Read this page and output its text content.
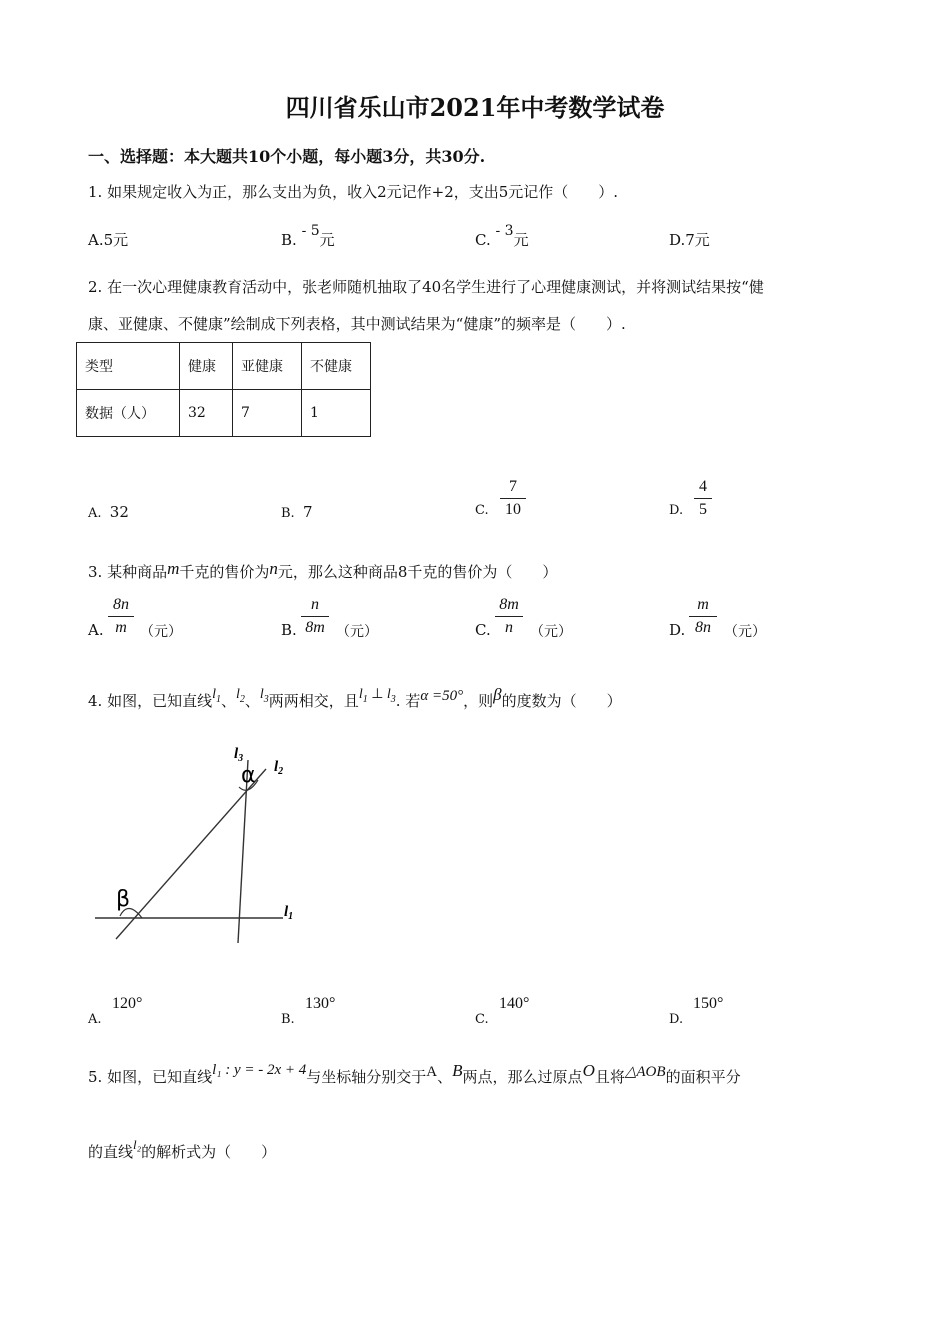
四川省乐山市2021年中考数学试卷
一、选择题：本大题共10个小题，每小题3分，共30分.
1. 如果规定收入为正，那么支出为负，收入2元记作+2，支出5元记作（　　）.
A.5元	B. - 5元	C. - 3元	D.7元
2. 在一次心理健康教育活动中，张老师随机抽取了40名学生进行了心理健康测试，并将测试结果按“健
康、亚健康、不健康”绘制成下列表格，其中测试结果为“健康”的频率是（　　）.
类型	健康	亚健康	不健康
数据（人）	32	7	1
A. 32	B. 7	C.
7
10	D.
4
5
3. 某种商品m千克的售价为n元，那么这种商品8千克的售价为（　　）
A.
8n
m （元）	B.
n
8m （元）	C.
8m
n	（元）	D.
m
8n （元）
4. 如图，已知直线$l_1$、$l_2$、$l_3$两两相交，且$l_1$ ⊥ $l_3$. 若α =50°，则β的度数为（　　）
$l_3$
$l_2$
$l_1$
α
β
A.
120°
B.
130°
C.
140°
D.
150°
5. 如图，已知直线l₁ : y = - 2x + 4与坐标轴分别交于A、B两点，那么过原点O且将△AOB的面积平分
的直线l₂的解析式为（　　）
